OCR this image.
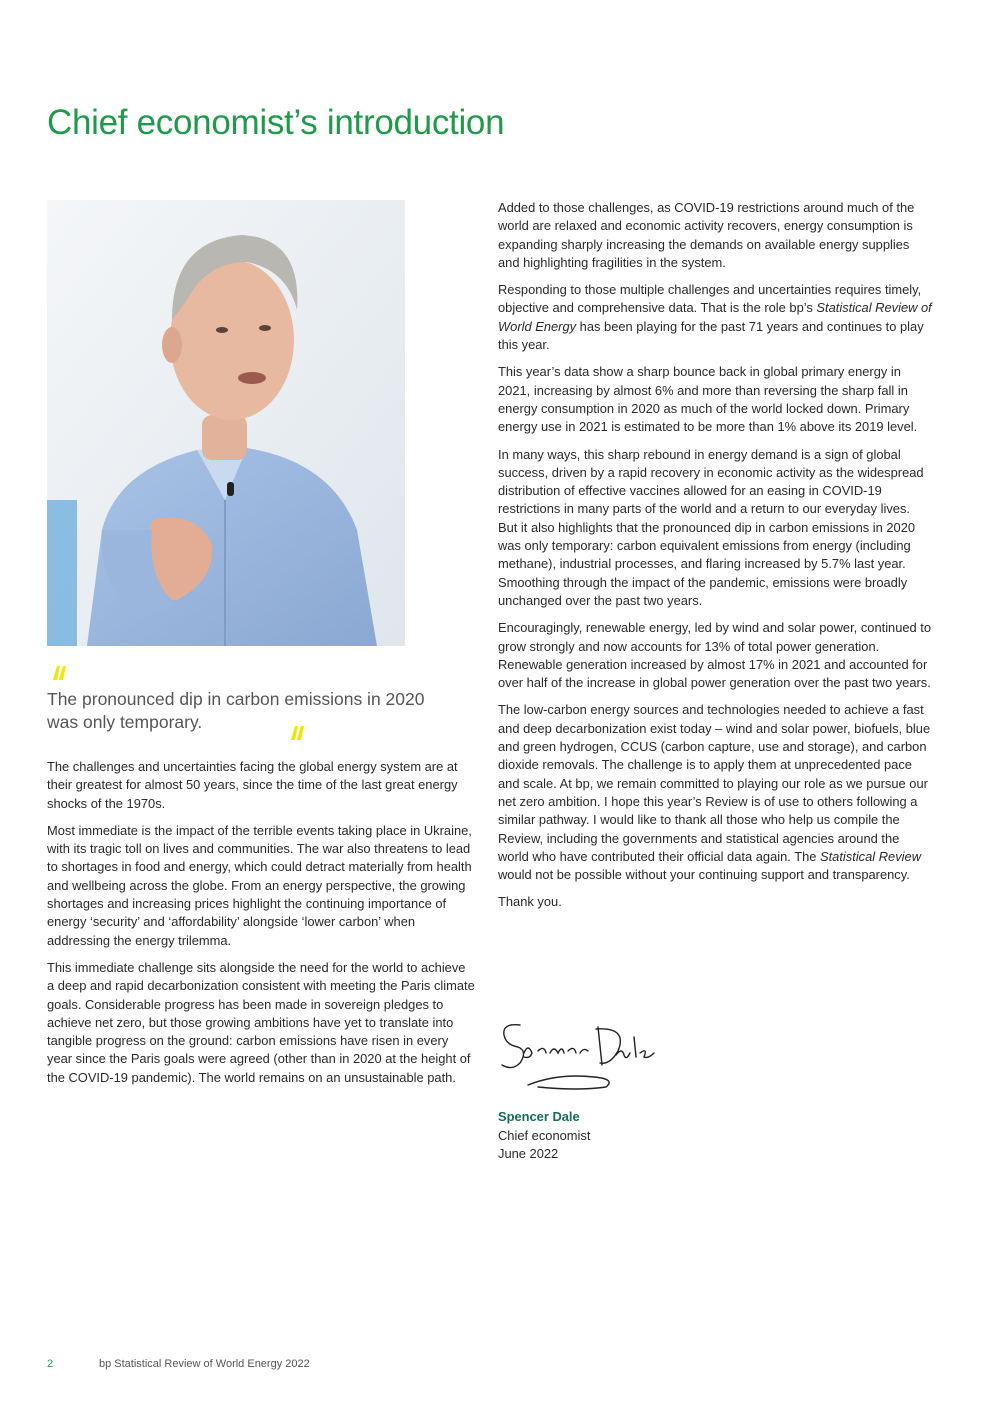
Chief economist’s introduction

The pronounced dip in carbon emissions in 2020 was only temporary.

The challenges and uncertainties facing the global energy system are at their greatest for almost 50 years, since the time of the last great energy shocks of the 1970s.

Most immediate is the impact of the terrible events taking place in Ukraine, with its tragic toll on lives and communities. The war also threatens to lead to shortages in food and energy, which could detract materially from health and wellbeing across the globe. From an energy perspective, the growing shortages and increasing prices highlight the continuing importance of energy ‘security’ and ‘affordability’ alongside ‘lower carbon’ when addressing the energy trilemma.

This immediate challenge sits alongside the need for the world to achieve a deep and rapid decarbonization consistent with meeting the Paris climate goals. Considerable progress has been made in sovereign pledges to achieve net zero, but those growing ambitions have yet to translate into tangible progress on the ground: carbon emissions have risen in every year since the Paris goals were agreed (other than in 2020 at the height of the COVID-19 pandemic). The world remains on an unsustainable path.

Added to those challenges, as COVID-19 restrictions around much of the world are relaxed and economic activity recovers, energy consumption is expanding sharply increasing the demands on available energy supplies and highlighting fragilities in the system.

Responding to those multiple challenges and uncertainties requires timely, objective and comprehensive data. That is the role bp’s Statistical Review of World Energy has been playing for the past 71 years and continues to play this year.

This year’s data show a sharp bounce back in global primary energy in 2021, increasing by almost 6% and more than reversing the sharp fall in energy consumption in 2020 as much of the world locked down. Primary energy use in 2021 is estimated to be more than 1% above its 2019 level.

In many ways, this sharp rebound in energy demand is a sign of global success, driven by a rapid recovery in economic activity as the widespread distribution of effective vaccines allowed for an easing in COVID-19 restrictions in many parts of the world and a return to our everyday lives. But it also highlights that the pronounced dip in carbon emissions in 2020 was only temporary: carbon equivalent emissions from energy (including methane), industrial processes, and flaring increased by 5.7% last year. Smoothing through the impact of the pandemic, emissions were broadly unchanged over the past two years.

Encouragingly, renewable energy, led by wind and solar power, continued to grow strongly and now accounts for 13% of total power generation. Renewable generation increased by almost 17% in 2021 and accounted for over half of the increase in global power generation over the past two years.

The low-carbon energy sources and technologies needed to achieve a fast and deep decarbonization exist today – wind and solar power, biofuels, blue and green hydrogen, CCUS (carbon capture, use and storage), and carbon dioxide removals. The challenge is to apply them at unprecedented pace and scale. At bp, we remain committed to playing our role as we pursue our net zero ambition. I hope this year’s Review is of use to others following a similar pathway. I would like to thank all those who help us compile the Review, including the governments and statistical agencies around the world who have contributed their official data again. The Statistical Review would not be possible without your continuing support and transparency.

Thank you.

Spencer Dale
Chief economist
June 2022
2	bp Statistical Review of World Energy 2022
